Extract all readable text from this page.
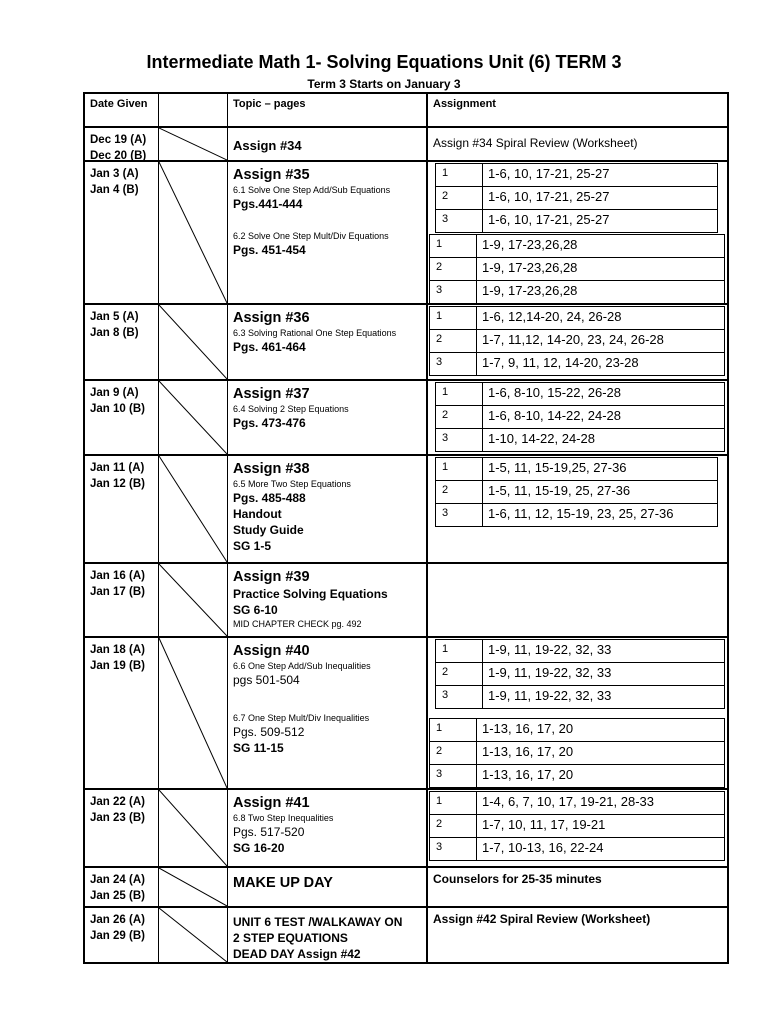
Intermediate Math 1- Solving Equations Unit (6) TERM 3
Term 3 Starts on January 3
Date Given	Topic – pages	Assignment
Dec 19 (A)
Dec 20 (B)
Assign #34	Assign #34 Spiral Review (Worksheet)
Jan 3 (A)
Jan 4 (B)
Assign #35
6.1 Solve One Step Add/Sub Equations
Pgs.441-444
6.2 Solve One Step Mult/Div Equations
Pgs. 451-454
1	1-6, 10, 17-21, 25-27
2	1-6, 10, 17-21, 25-27
3	1-6, 10, 17-21, 25-27
1	1-9, 17-23,26,28
2	1-9, 17-23,26,28
3	1-9, 17-23,26,28
Jan 5 (A)
Jan 8 (B)
Assign #36
6.3 Solving Rational One Step Equations
Pgs. 461-464
1	1-6, 12,14-20, 24, 26-28
2	1-7, 11,12, 14-20, 23, 24, 26-28
3	1-7, 9, 11, 12, 14-20, 23-28
Jan 9 (A)
Jan 10 (B)
Assign #37
6.4 Solving 2 Step Equations
Pgs. 473-476
1	1-6, 8-10, 15-22, 26-28
2	1-6, 8-10, 14-22, 24-28
3	1-10, 14-22, 24-28
Jan 11 (A)
Jan 12 (B)
Assign #38
6.5 More Two Step Equations
Pgs. 485-488
Handout
Study Guide
SG 1-5
1	1-5, 11, 15-19,25, 27-36
2	1-5, 11, 15-19, 25, 27-36
3	1-6, 11, 12, 15-19, 23, 25, 27-36
Jan 16 (A)
Jan 17 (B)
Assign #39
Practice Solving Equations
SG 6-10
MID CHAPTER CHECK pg. 492
Jan 18 (A)
Jan 19 (B)
Assign #40
6.6 One Step Add/Sub Inequalities
pgs 501-504
6.7 One Step Mult/Div Inequalities
Pgs. 509-512
SG 11-15
1	1-9, 11, 19-22, 32, 33
2	1-9, 11, 19-22, 32, 33
3	1-9, 11, 19-22, 32, 33
1	1-13, 16, 17, 20
2	1-13, 16, 17, 20
3	1-13, 16, 17, 20
Jan 22 (A)
Jan 23 (B)
Assign #41
6.8 Two Step Inequalities
Pgs. 517-520
SG 16-20
1	1-4, 6, 7, 10, 17, 19-21, 28-33
2	1-7, 10, 11, 17, 19-21
3	1-7, 10-13, 16, 22-24
Jan 24 (A)
Jan 25 (B)
MAKE UP DAY	Counselors for 25-35 minutes
Jan 26 (A)
Jan 29 (B)
UNIT 6 TEST /WALKAWAY ON
2 STEP EQUATIONS
DEAD DAY Assign #42
Assign #42 Spiral Review (Worksheet)
